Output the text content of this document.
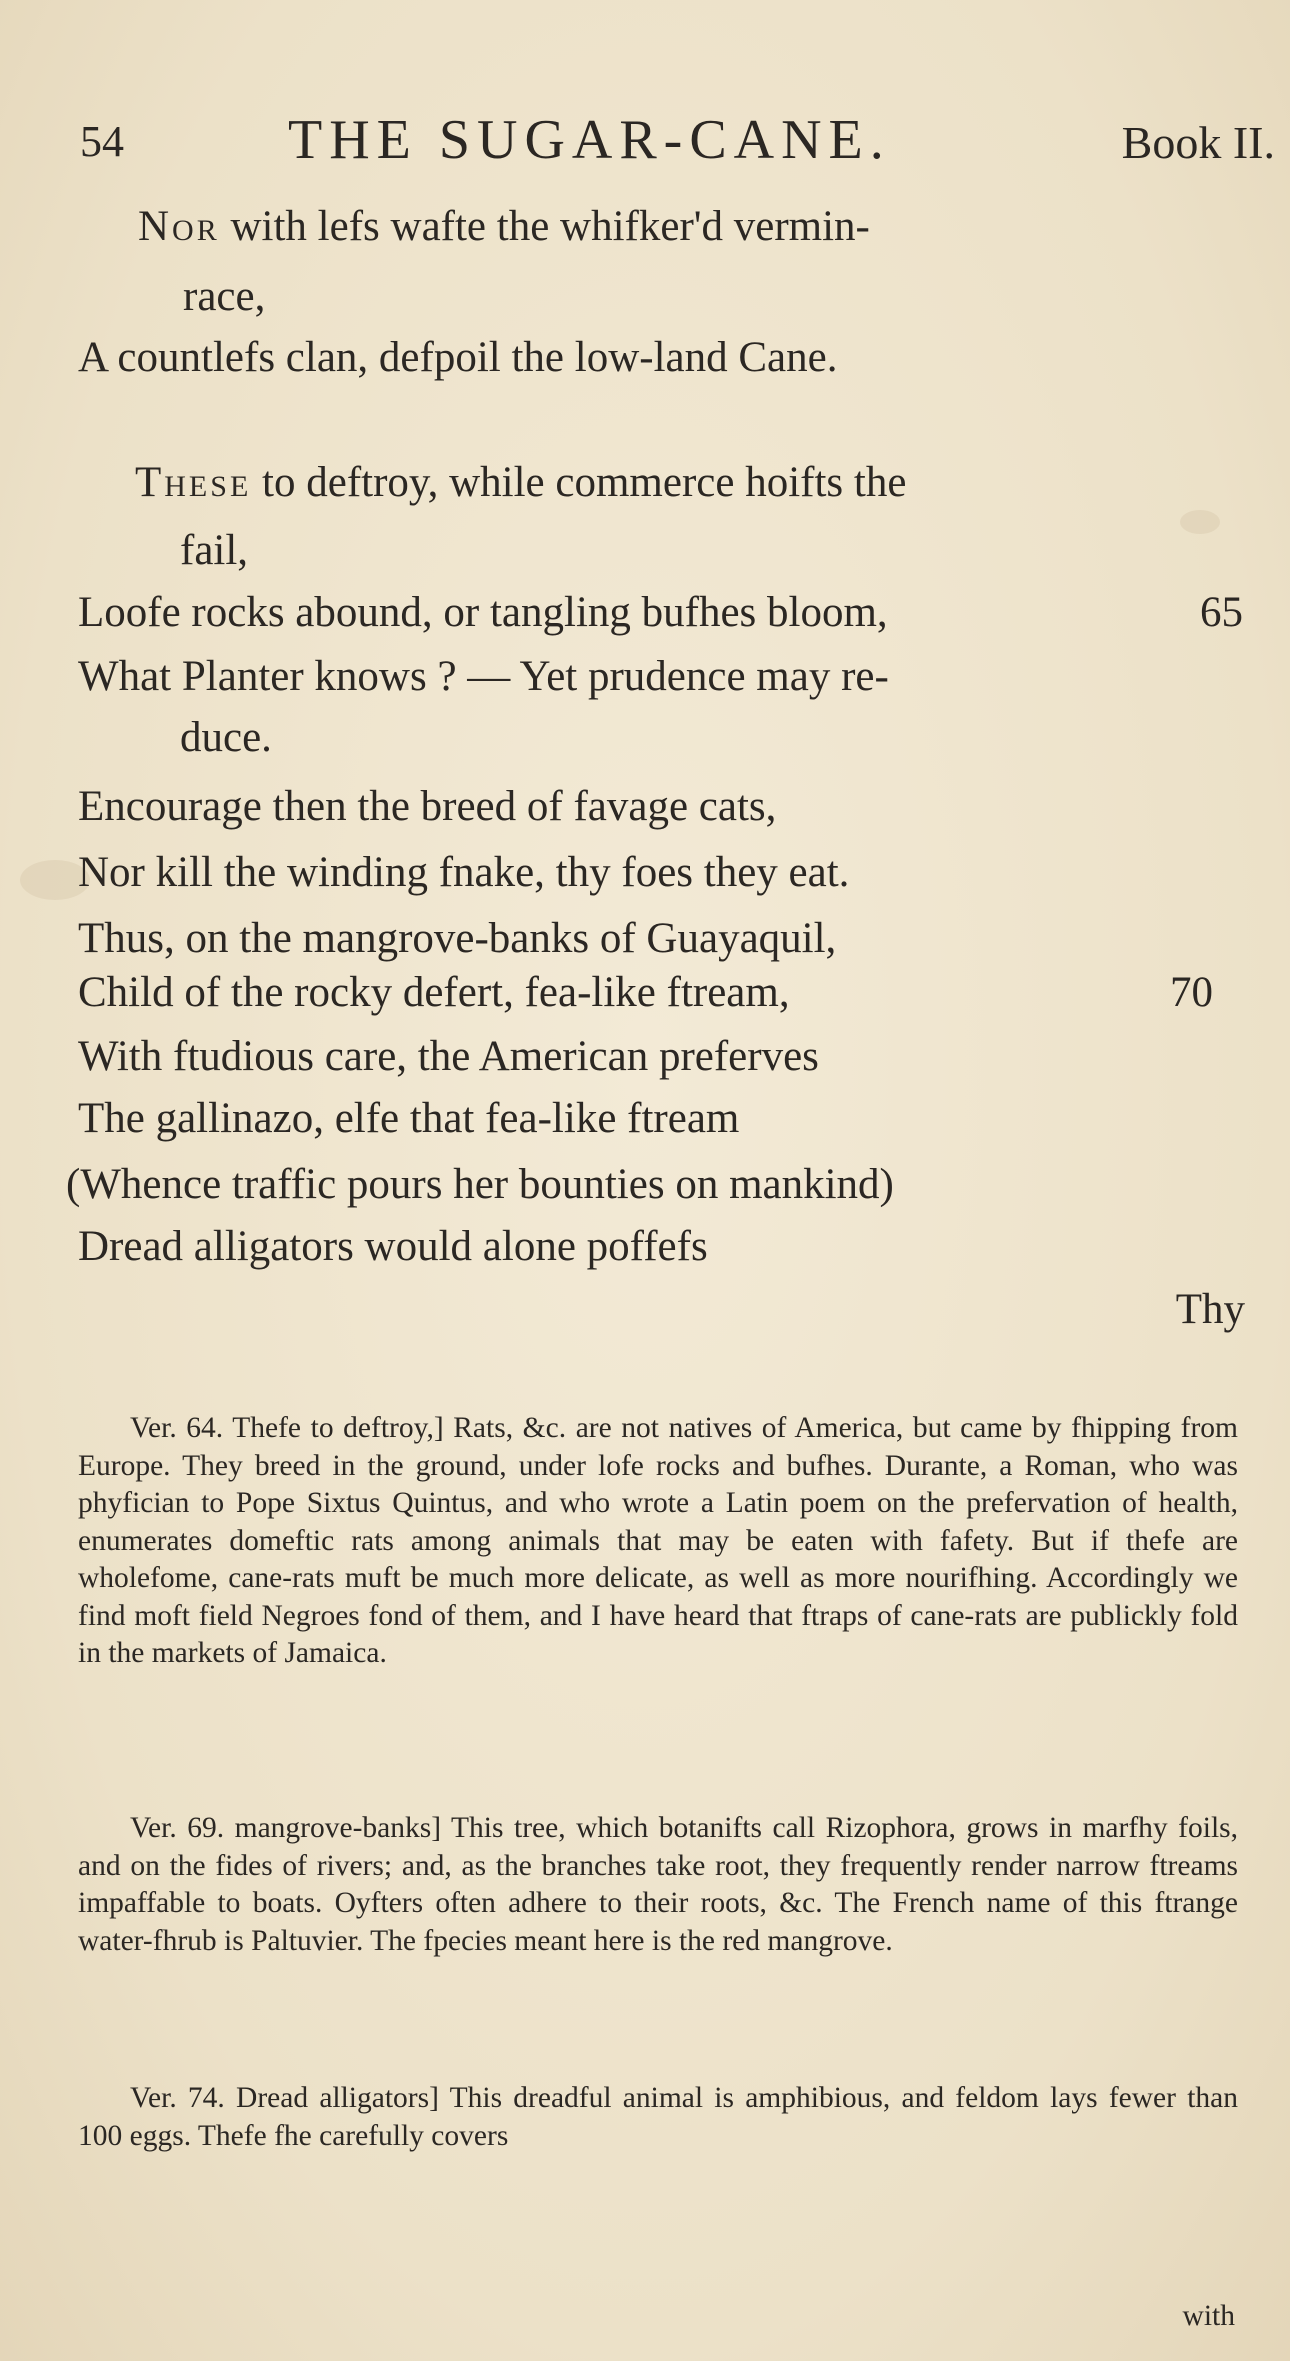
54	THE SUGAR-CANE.	Book II.
Nor with lefs wafte the whifker'd vermin-
race,
A countlefs clan, defpoil the low-land Cane.
These to deftroy, while commerce hoifts the
fail,
Loofe rocks abound, or tangling bufhes bloom,	65
What Planter knows ? — Yet prudence may re-
duce.
Encourage then the breed of favage cats,
Nor kill the winding fnake, thy foes they eat.
Thus, on the mangrove-banks of Guayaquil,
Child of the rocky defert, fea-like ftream,	70
With ftudious care, the American preferves
The gallinazo, elfe that fea-like ftream
(Whence traffic pours her bounties on mankind)
Dread alligators would alone poffefs
Thy
Ver. 64. Thefe to deftroy,] Rats, &c. are not natives of America, but came by fhipping from Europe. They breed in the ground, under lofe rocks and bufhes. Durante, a Roman, who was phyfician to Pope Sixtus Quintus, and who wrote a Latin poem on the prefervation of health, enumerates domeftic rats among animals that may be eaten with fafety. But if thefe are wholefome, cane-rats muft be much more delicate, as well as more nourifhing. Accordingly we find moft field Negroes fond of them, and I have heard that ftraps of cane-rats are publickly fold in the markets of Jamaica.
Ver. 69. mangrove-banks] This tree, which botanifts call Rizophora, grows in marfhy foils, and on the fides of rivers; and, as the branches take root, they frequently render narrow ftreams impaffable to boats. Oyfters often adhere to their roots, &c. The French name of this ftrange water-fhrub is Paltuvier. The fpecies meant here is the red mangrove.
Ver. 74. Dread alligators] This dreadful animal is amphibious, and feldom lays fewer than 100 eggs. Thefe fhe carefully covers
with
